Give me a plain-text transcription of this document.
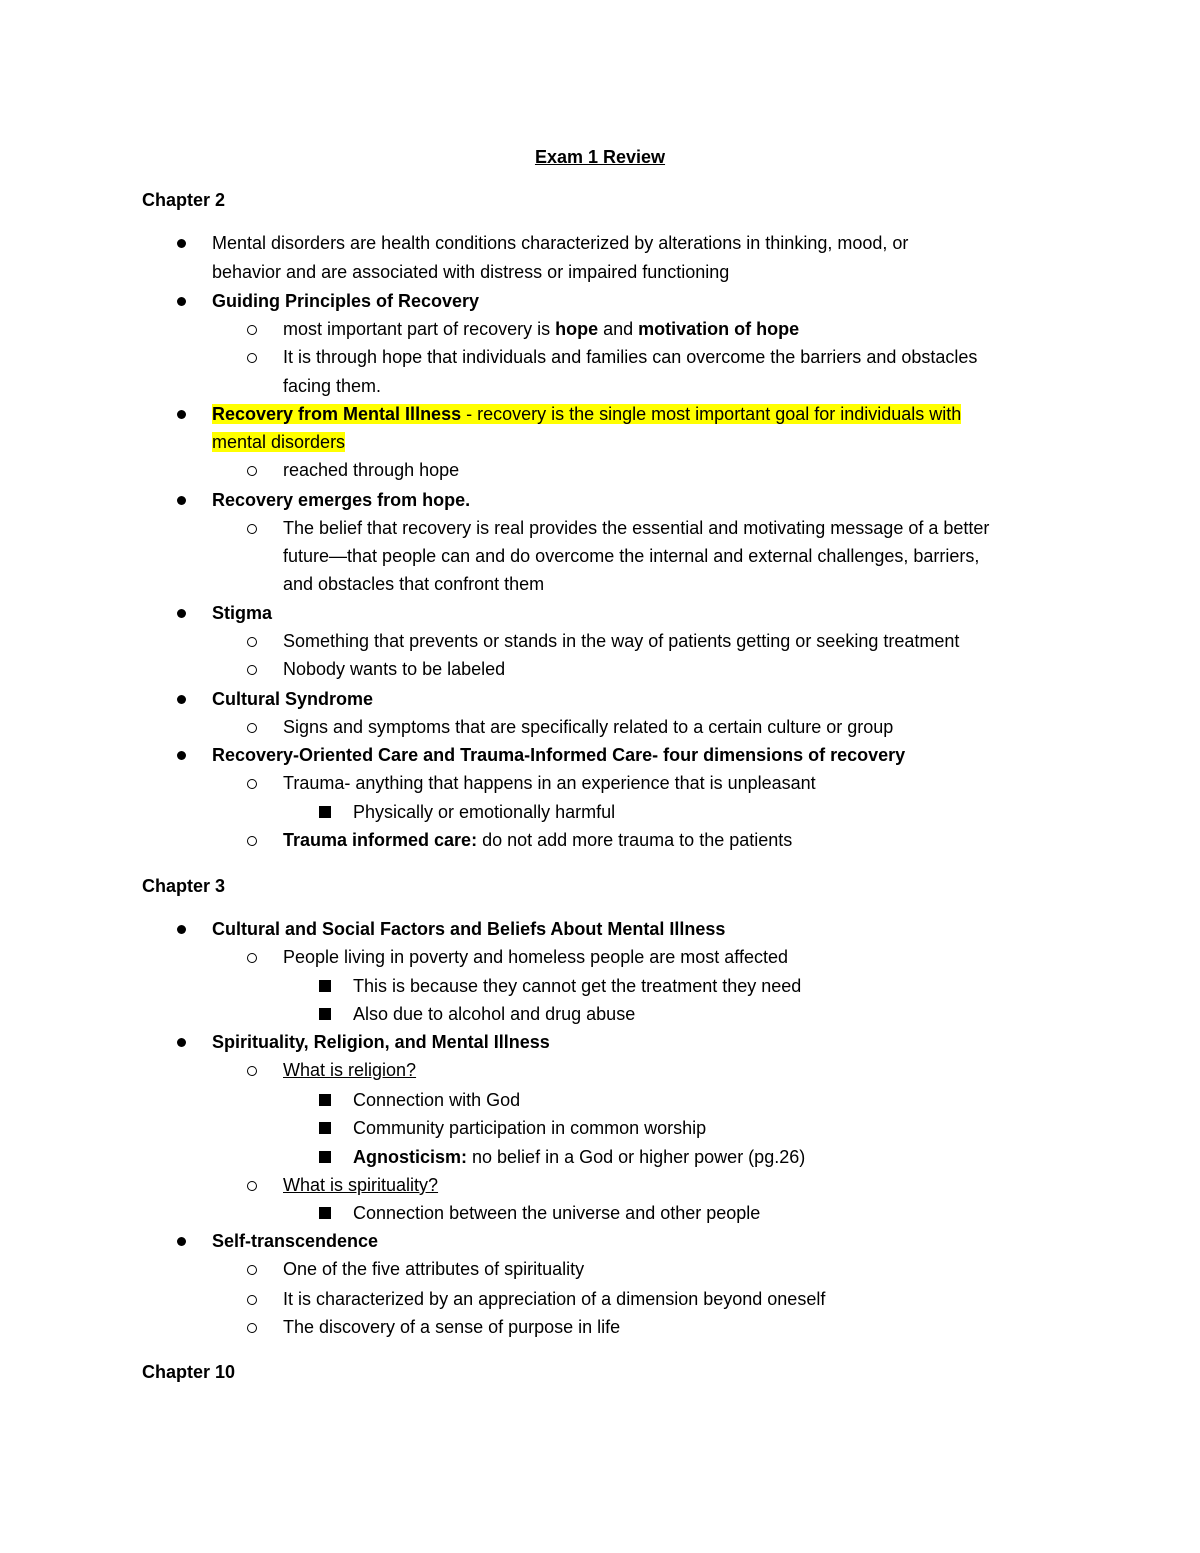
Exam 1 Review
Chapter 2
Mental disorders are health conditions characterized by alterations in thinking, mood, or
behavior and are associated with distress or impaired functioning
Guiding Principles of Recovery
most important part of recovery is hope and motivation of hope
It is through hope that individuals and families can overcome the barriers and obstacles
facing them.
Recovery from Mental Illness - recovery is the single most important goal for individuals with
mental disorders
reached through hope
Recovery emerges from hope.
The belief that recovery is real provides the essential and motivating message of a better
future—that people can and do overcome the internal and external challenges, barriers,
and obstacles that confront them
Stigma
Something that prevents or stands in the way of patients getting or seeking treatment
Nobody wants to be labeled
Cultural Syndrome
Signs and symptoms that are specifically related to a certain culture or group
Recovery-Oriented Care and Trauma-Informed Care- four dimensions of recovery
Trauma- anything that happens in an experience that is unpleasant
Physically or emotionally harmful
Trauma informed care: do not add more trauma to the patients
Chapter 3
Cultural and Social Factors and Beliefs About Mental Illness
People living in poverty and homeless people are most affected
This is because they cannot get the treatment they need
Also due to alcohol and drug abuse
Spirituality, Religion, and Mental Illness
What is religion?
Connection with God
Community participation in common worship
Agnosticism: no belief in a God or higher power (pg.26)
What is spirituality?
Connection between the universe and other people
Self-transcendence
One of the five attributes of spirituality
It is characterized by an appreciation of a dimension beyond oneself
The discovery of a sense of purpose in life
Chapter 10
